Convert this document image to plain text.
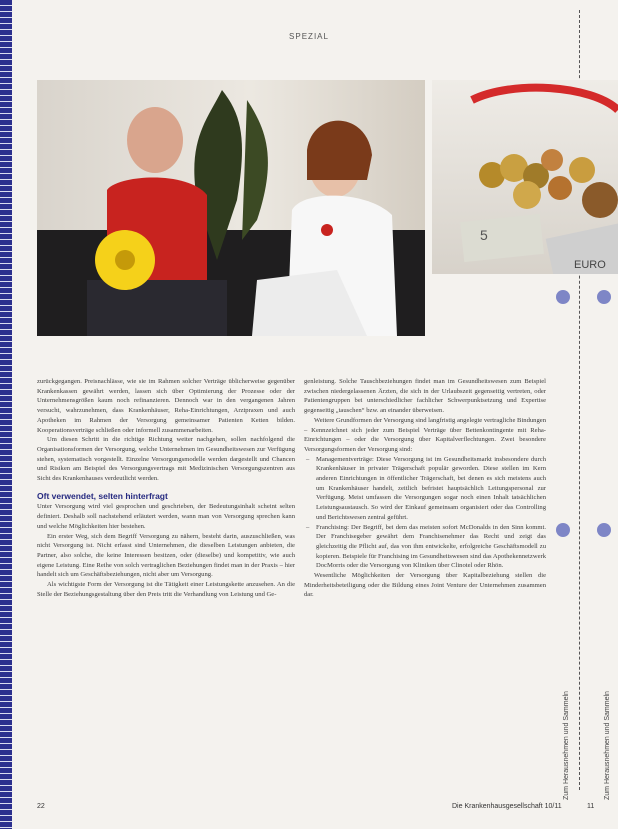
SPEZIAL
5
EURO

zurückgegangen. Preisnachlässe, wie sie im Rahmen solcher Verträge üblicherweise gegenüber Krankenkassen gewährt werden, lassen sich über Optimierung der Prozesse oder der Unternehmensgrößen kaum noch refinanzieren. Dennoch war in den vergangenen Jahren versucht, wahrzunehmen, dass Krankenhäuser, Reha-Einrichtungen, Arztpraxen und auch Apotheken im Rahmen der Versorgung gemeinsamer Patienten Ketten bilden. Kooperationsverträge schließen oder informell zusammenarbeiten.

Um diesen Schritt in die richtige Richtung weiter nachgehen, sollen nachfolgend die Organisationsformen der Versorgung, welche Unternehmen im Gesundheitswesen zur Verfügung stehen, systematisch vorgestellt. Einzelne Versorgungsmodelle werden dargestellt und Chancen und Risiken am Beispiel des Versorgungsvertrags mit Medizinischen Versorgungszentren aus Sicht des Krankenhauses verdeutlicht werden.

Oft verwendet, selten hinterfragt

Unter Versorgung wird viel gesprochen und geschrieben, der Bedeutungsinhalt scheint selten definiert. Deshalb soll nachstehend erläutert werden, wann man von Versorgung sprechen kann und welche Möglichkeiten hier bestehen.

Ein erster Weg, sich dem Begriff Versorgung zu nähern, besteht darin, auszuschließen, was nicht Versorgung ist. Nicht erfasst sind Unternehmen, die dieselben Leistungen anbieten, die Partner, also solche, die keine Interessen besitzen, oder (dieselbe) und kompetitiv, wie auch eigene Leistung. Eine Reihe von solch vertraglichen Beziehungen findet man in der Praxis – hier handelt sich um Geschäftsbeziehungen, nicht aber um Versorgung.

Als wichtigste Form der Versorgung ist die Tätigkeit einer Leistungskette anzusehen. An die Stelle der Beziehungsgestaltung über den Preis tritt die Verhandlung von Leistung und Ge-

genleistung. Solche Tauschbeziehungen findet man im Gesundheitswesen zum Beispiel zwischen niedergelassenen Ärzten, die sich in der Urlaubszeit gegenseitig vertreten, oder Patientengruppen bei unterschiedlicher fachlicher Schwerpunktsetzung und Expertise gegenseitig „tauschen“ bzw. an einander überweisen.

Weitere Grundformen der Versorgung sind langfristig angelegte vertragliche Bindungen – Kennzeichnet sich jeder zum Beispiel Verträge über Bettenkontingente mit Reha-Einrichtungen – oder die Versorgung über Kapitalverflechtungen. Zwei besondere Versorgungsformen der Versorgung sind:

– Managementverträge: Diese Versorgung ist im Gesundheitsmarkt insbesondere durch Krankenhäuser in privater Trägerschaft populär geworden. Diese stellen im Kern anderen Einrichtungen in öffentlicher Trägerschaft, bei denen es sich meistens auch um Krankenhäuser handelt, zeitlich befristet hauptsächlich Leitungspersonal zur Verfügung. Meist umfassen die Versorgungen sogar noch einen Inhalt tatsächlichen Leistungsaustausch. So wird der Einkauf gemeinsam organisiert oder das Controlling und Berichtswesen zentral geführt.
– Franchising: Der Begriff, bei dem das meisten sofort McDonalds in den Sinn kommt. Der Franchisegeber gewährt dem Franchisenehmer das Recht und zeigt das gleichzeitig die Pflicht auf, das von ihm entwickelte, erfolgreiche Geschäftsmodell zu kopieren. Beispiele für Franchising im Gesundheitswesen sind das Apothekennetzwerk DocMorris oder die Versorgung von Kliniken über Clinotel oder Rhön.

Wesentliche Möglichkeiten der Versorgung über Kapitalbeziehung stellen die Minderheitsbeteiligung oder die Bildung eines Joint Venture der Unternehmen zusammen dar.

Zum Herausnehmen und Sammeln	Zum Herausnehmen und Sammeln
22	Die Krankenhausgesellschaft 10/11	11
